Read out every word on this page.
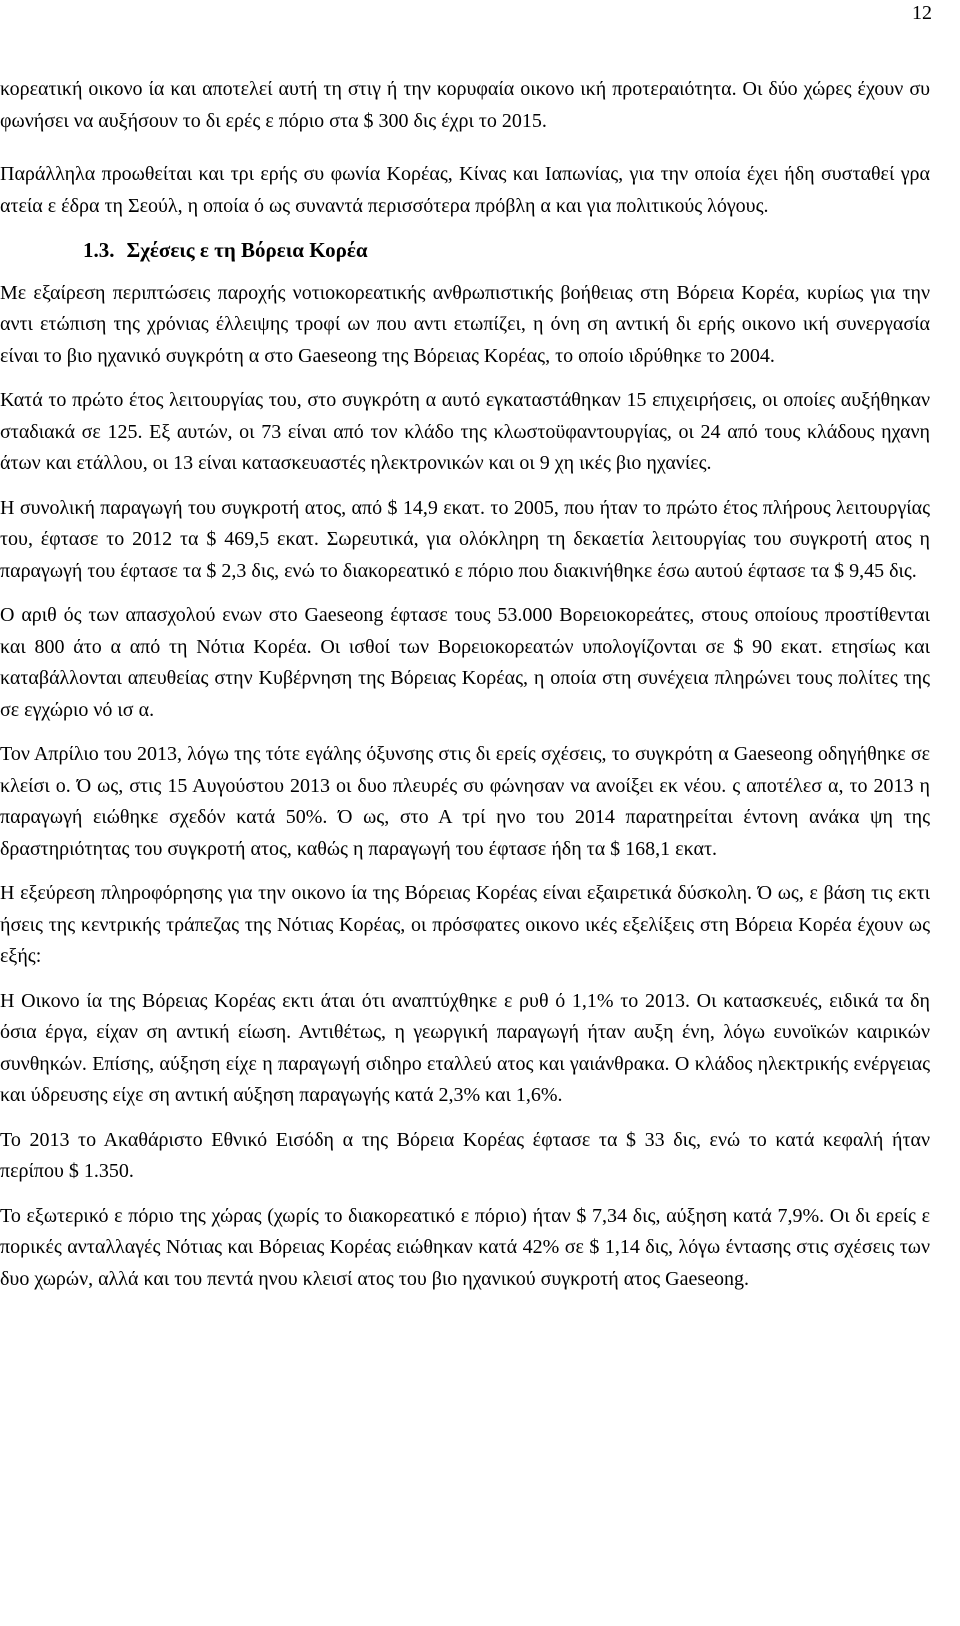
12

κορεατική οικονο ία και αποτελεί αυτή τη στιγ ή την κορυφαία οικονο ική προτεραιότητα. Οι δύο χώρες έχουν συ φωνήσει να αυξήσουν το δι ερές ε πόριο στα $ 300 δις έχρι το 2015.

Παράλληλα προωθείται και τρι ερής συ φωνία Κορέας, Κίνας και Ιαπωνίας, για την οποία έχει ήδη συσταθεί γρα ατεία ε έδρα τη Σεούλ, η οποία ό ως συναντά περισσότερα πρόβλη α και για πολιτικούς λόγους.

1.3. Σχέσεις ε τη Βόρεια Κορέα

Με εξαίρεση περιπτώσεις παροχής νοτιοκορεατικής ανθρωπιστικής βοήθειας στη Βόρεια Κορέα, κυρίως για την αντι ετώπιση της χρόνιας έλλειψης τροφί ων που αντι ετωπίζει, η όνη ση αντική δι ερής οικονο ική συνεργασία είναι το βιο ηχανικό συγκρότη α στο Gaeseong της Βόρειας Κορέας, το οποίο ιδρύθηκε το 2004.

Κατά το πρώτο έτος λειτουργίας του, στο συγκρότη α αυτό εγκαταστάθηκαν 15 επιχειρήσεις, οι οποίες αυξήθηκαν σταδιακά σε 125. Εξ αυτών, οι 73 είναι από τον κλάδο της κλωστοϋφαντουργίας, οι 24 από τους κλάδους ηχανη άτων και ετάλλου, οι 13 είναι κατασκευαστές ηλεκτρονικών και οι 9 χη ικές βιο ηχανίες.

Η συνολική παραγωγή του συγκροτή ατος, από $ 14,9 εκατ. το 2005, που ήταν το πρώτο έτος πλήρους λειτουργίας του, έφτασε το 2012 τα $ 469,5 εκατ. Σωρευτικά, για ολόκληρη τη δεκαετία λειτουργίας του συγκροτή ατος η παραγωγή του έφτασε τα $ 2,3 δις, ενώ το διακορεατικό ε πόριο που διακινήθηκε έσω αυτού έφτασε τα $ 9,45 δις.

Ο αριθ ός των απασχολού ενων στο Gaeseong έφτασε τους 53.000 Βορειοκορεάτες, στους οποίους προστίθενται και 800 άτο α από τη Νότια Κορέα. Οι ισθοί των Βορειοκορεατών υπολογίζονται σε $ 90 εκατ. ετησίως και καταβάλλονται απευθείας στην Κυβέρνηση της Βόρειας Κορέας, η οποία στη συνέχεια πληρώνει τους πολίτες της σε εγχώριο νό ισ α.

Τον Απρίλιο του 2013, λόγω της τότε εγάλης όξυνσης στις δι ερείς σχέσεις, το συγκρότη α Gaeseong οδηγήθηκε σε κλείσι ο. Ό ως, στις 15 Αυγούστου 2013 οι δυο πλευρές συ φώνησαν να ανοίξει εκ νέου. ς αποτέλεσ α, το 2013 η παραγωγή ειώθηκε σχεδόν κατά 50%. Ό ως, στο Α τρί ηνο του 2014 παρατηρείται έντονη ανάκα ψη της δραστηριότητας του συγκροτή ατος, καθώς η παραγωγή του έφτασε ήδη τα $ 168,1 εκατ.

Η εξεύρεση πληροφόρησης για την οικονο ία της Βόρειας Κορέας είναι εξαιρετικά δύσκολη. Ό ως, ε βάση τις εκτι ήσεις της κεντρικής τράπεζας της Νότιας Κορέας, οι πρόσφατες οικονο ικές εξελίξεις στη Βόρεια Κορέα έχουν ως εξής:

Η Οικονο ία της Βόρειας Κορέας εκτι άται ότι αναπτύχθηκε ε ρυθ ό 1,1% το 2013. Οι κατασκευές, ειδικά τα δη όσια έργα, είχαν ση αντική είωση. Αντιθέτως, η γεωργική παραγωγή ήταν αυξη ένη, λόγω ευνοϊκών καιρικών συνθηκών. Επίσης, αύξηση είχε η παραγωγή σιδηρο εταλλεύ ατος και γαιάνθρακα. Ο κλάδος ηλεκτρικής ενέργειας και ύδρευσης είχε ση αντική αύξηση παραγωγής κατά 2,3% και 1,6%.

Το 2013 το Ακαθάριστο Εθνικό Εισόδη α της Βόρεια Κορέας έφτασε τα $ 33 δις, ενώ το κατά κεφαλή ήταν περίπου $ 1.350.

Το εξωτερικό ε πόριο της χώρας (χωρίς το διακορεατικό ε πόριο) ήταν $ 7,34 δις, αύξηση κατά 7,9%. Οι δι ερείς ε πορικές ανταλλαγές Νότιας και Βόρειας Κορέας ειώθηκαν κατά 42% σε $ 1,14 δις, λόγω έντασης στις σχέσεις των δυο χωρών, αλλά και του πεντά ηνου κλεισί ατος του βιο ηχανικού συγκροτή ατος Gaeseong.
